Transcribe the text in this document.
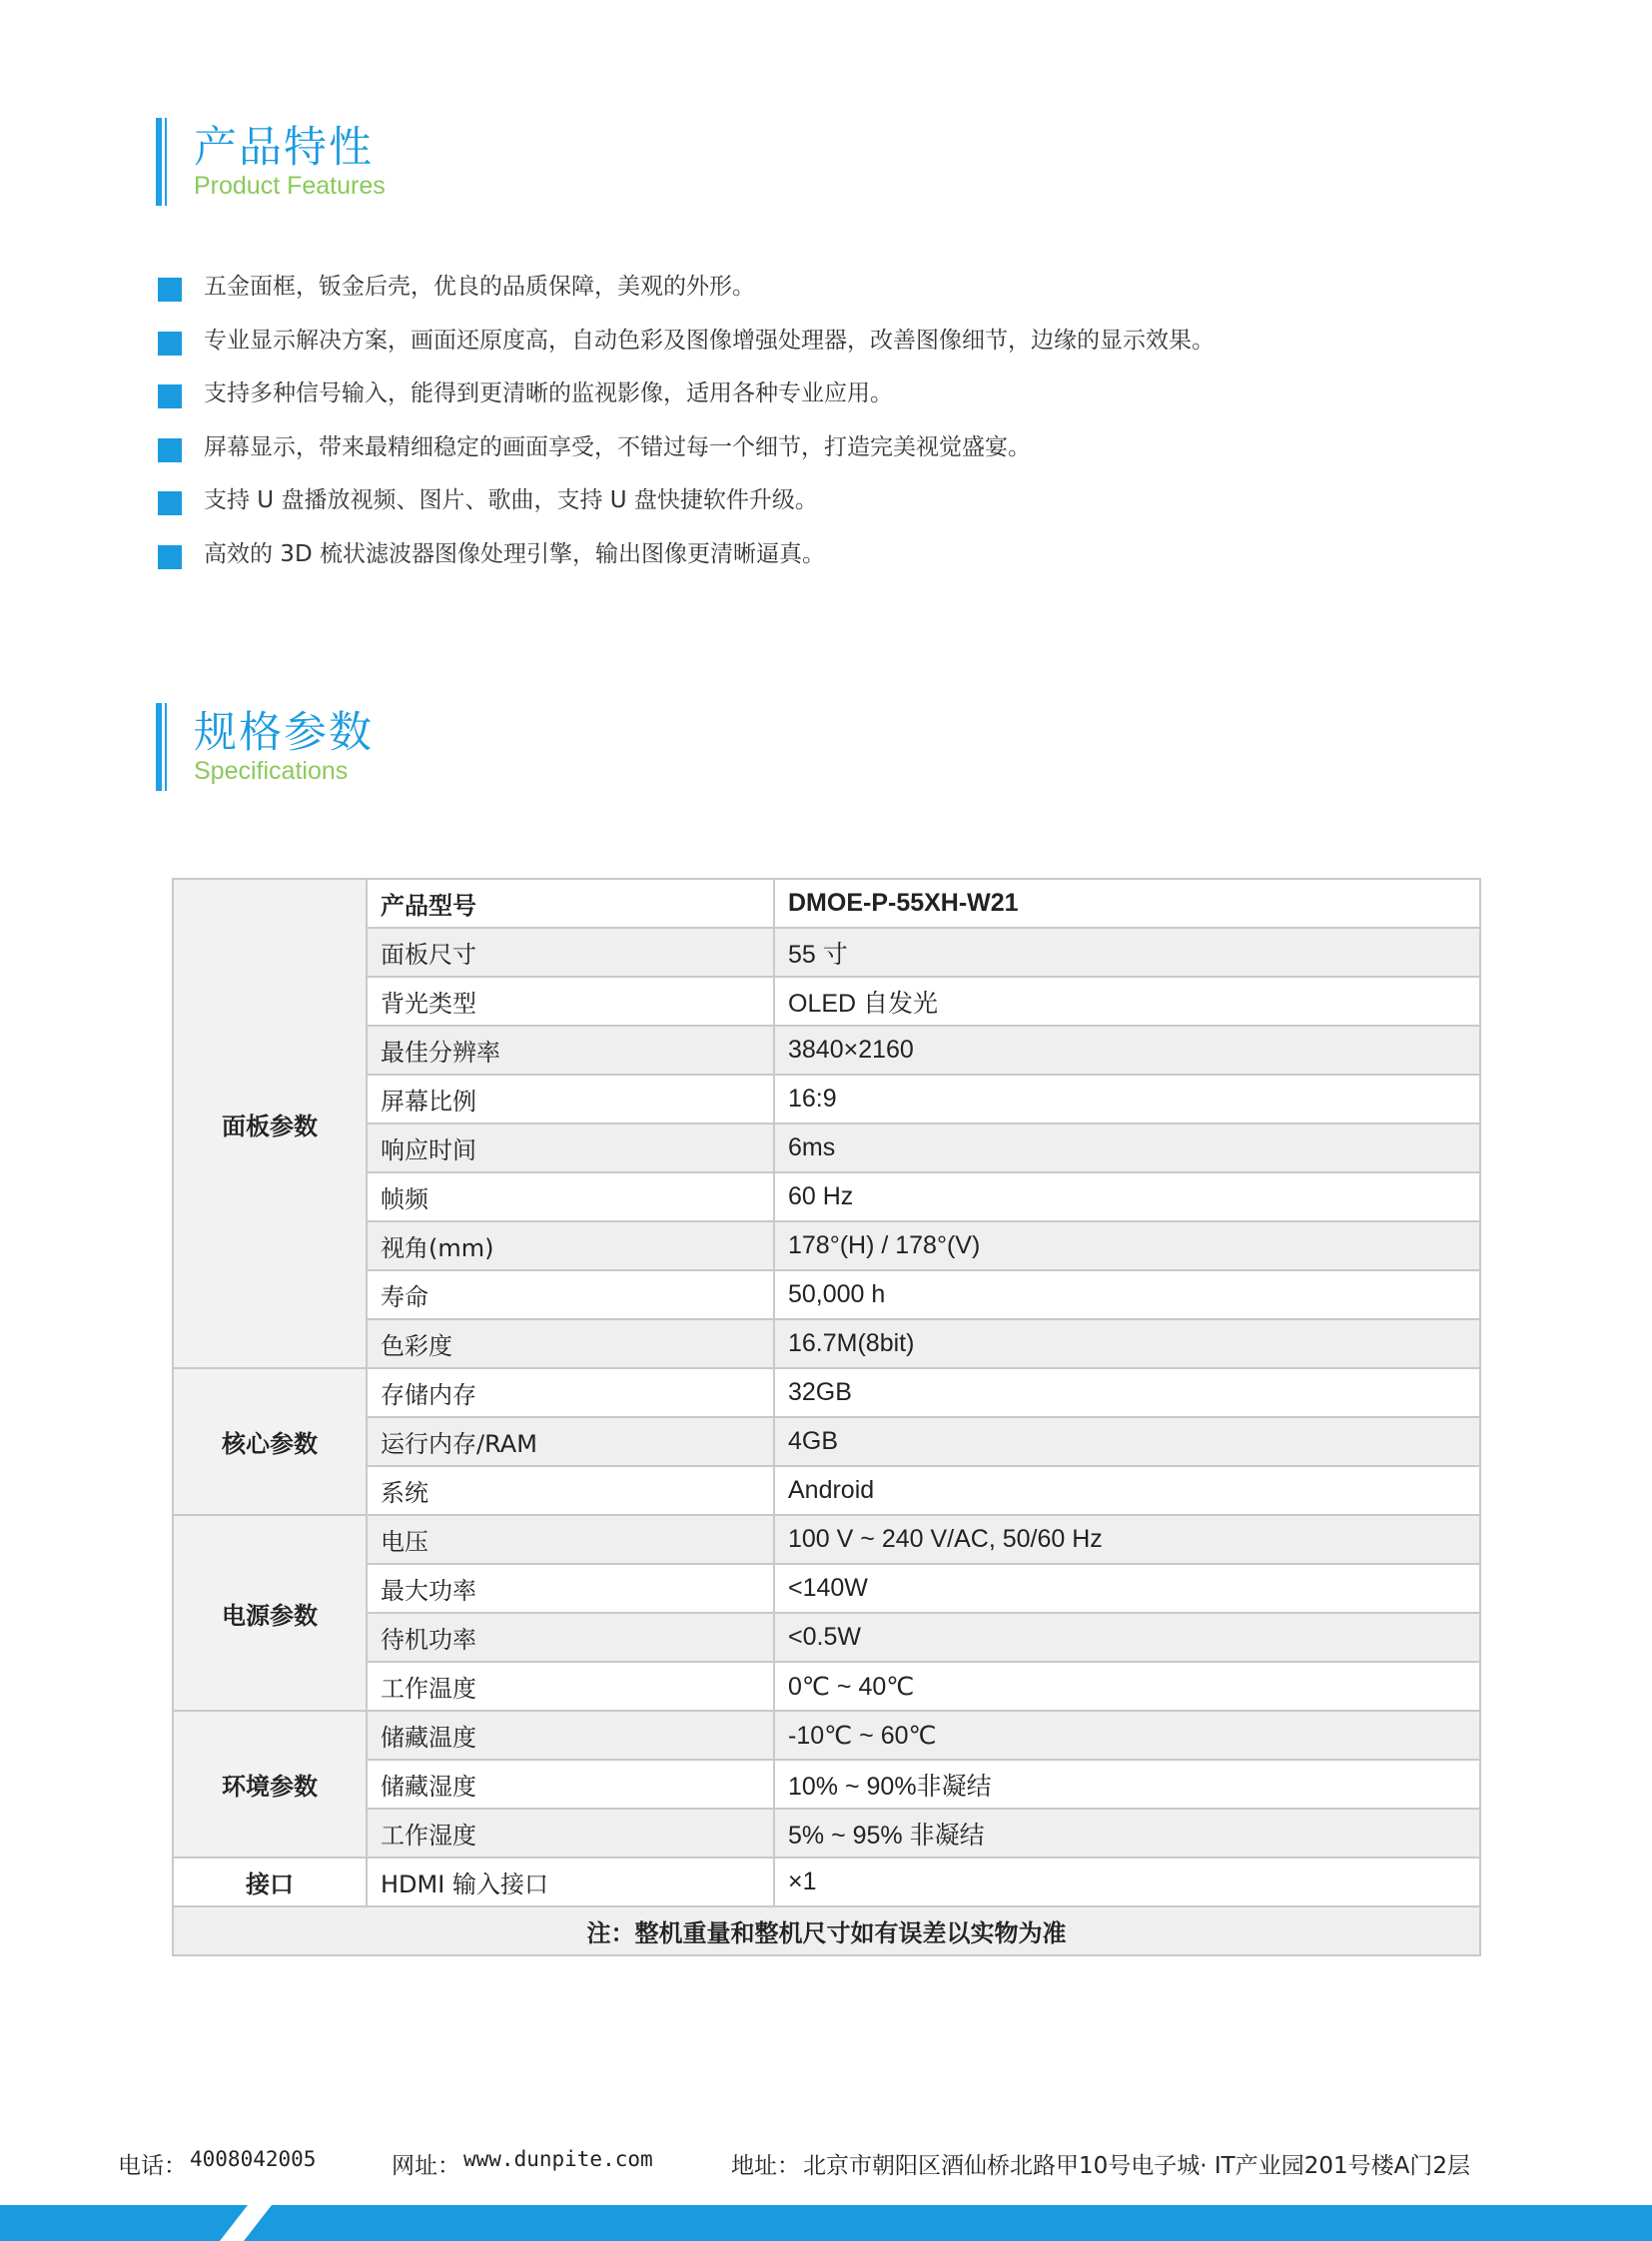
产品特性
Product Features
五金面框，钣金后壳，优良的品质保障，美观的外形。
专业显示解决方案，画面还原度高，自动色彩及图像增强处理器，改善图像细节，边缘的显示效果。
支持多种信号输入，能得到更清晰的监视影像，适用各种专业应用。
屏幕显示，带来最精细稳定的画面享受，不错过每一个细节，打造完美视觉盛宴。
支持 U 盘播放视频、图片、歌曲，支持 U 盘快捷软件升级。
高效的 3D 梳状滤波器图像处理引擎，输出图像更清晰逼真。
规格参数
Specifications
面板参数	产品型号	DMOE-P-55XH-W21
	面板尺寸	55 寸
	背光类型	OLED 自发光
	最佳分辨率	3840×2160
	屏幕比例	16:9
	响应时间	6ms
	帧频	60 Hz
	视角(mm)	178°(H) / 178°(V)
	寿命	50,000 h
	色彩度	16.7M(8bit)
核心参数	存储内存	32GB
	运行内存/RAM	4GB
	系统	Android
电源参数	电压	100 V ~ 240 V/AC, 50/60 Hz
	最大功率	<140W
	待机功率	<0.5W
	工作温度	0℃ ~ 40℃
环境参数	储藏温度	-10℃ ~ 60℃
	储藏湿度	10% ~ 90%非凝结
	工作湿度	5% ~ 95% 非凝结
接口	HDMI 输入接口	×1
注：整机重量和整机尺寸如有误差以实物为准		
电话： 4008042005	网址： www.dunpite.com	地址： 北京市朝阳区酒仙桥北路甲10号电子城· IT产业园201号楼A门2层
